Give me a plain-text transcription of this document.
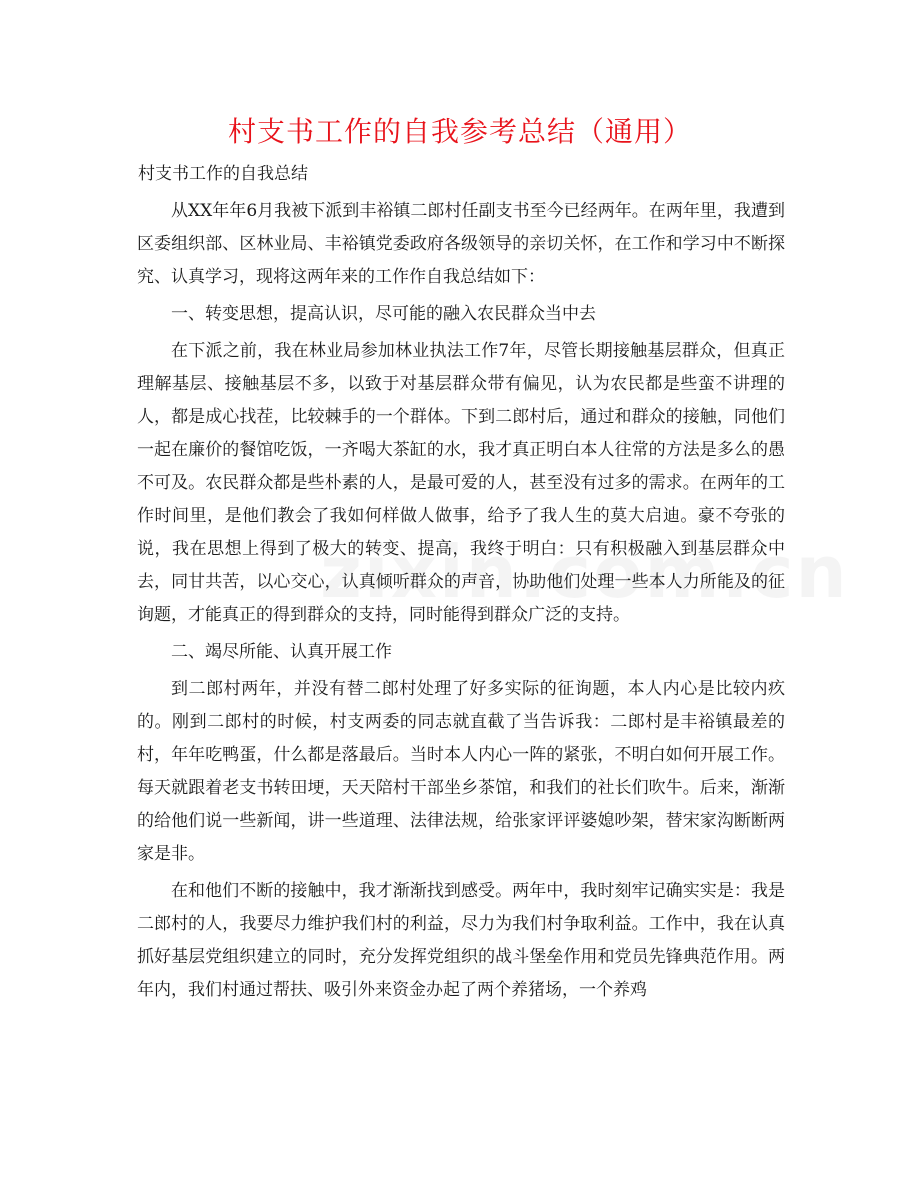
村支书工作的自我参考总结（通用）
村支书工作的自我总结

从XX年年6月我被下派到丰裕镇二郎村任副支书至今已经两年。在两年里，我遭到区委组织部、区林业局、丰裕镇党委政府各级领导的亲切关怀，在工作和学习中不断探究、认真学习，现将这两年来的工作作自我总结如下：

一、转变思想，提高认识，尽可能的融入农民群众当中去

在下派之前，我在林业局参加林业执法工作7年，尽管长期接触基层群众，但真正理解基层、接触基层不多，以致于对基层群众带有偏见，认为农民都是些蛮不讲理的人，都是成心找茬，比较棘手的一个群体。下到二郎村后，通过和群众的接触，同他们一起在廉价的餐馆吃饭，一齐喝大茶缸的水，我才真正明白本人往常的方法是多么的愚不可及。农民群众都是些朴素的人，是最可爱的人，甚至没有过多的需求。在两年的工作时间里，是他们教会了我如何样做人做事，给予了我人生的莫大启迪。豪不夸张的说，我在思想上得到了极大的转变、提高，我终于明白：只有积极融入到基层群众中去，同甘共苦，以心交心，认真倾听群众的声音，协助他们处理一些本人力所能及的征询题，才能真正的得到群众的支持，同时能得到群众广泛的支持。

二、竭尽所能、认真开展工作

到二郎村两年，并没有替二郎村处理了好多实际的征询题，本人内心是比较内疚的。刚到二郎村的时候，村支两委的同志就直截了当告诉我：二郎村是丰裕镇最差的村，年年吃鸭蛋，什么都是落最后。当时本人内心一阵的紧张，不明白如何开展工作。每天就跟着老支书转田埂，天天陪村干部坐乡茶馆，和我们的社长们吹牛。后来，渐渐的给他们说一些新闻，讲一些道理、法律法规，给张家评评婆媳吵架，替宋家沟断断两家是非。

在和他们不断的接触中，我才渐渐找到感受。两年中，我时刻牢记确实实是：我是二郎村的人，我要尽力维护我们村的利益，尽力为我们村争取利益。工作中，我在认真抓好基层党组织建立的同时，充分发挥党组织的战斗堡垒作用和党员先锋典范作用。两年内，我们村通过帮扶、吸引外来资金办起了两个养猪场，一个养鸡
